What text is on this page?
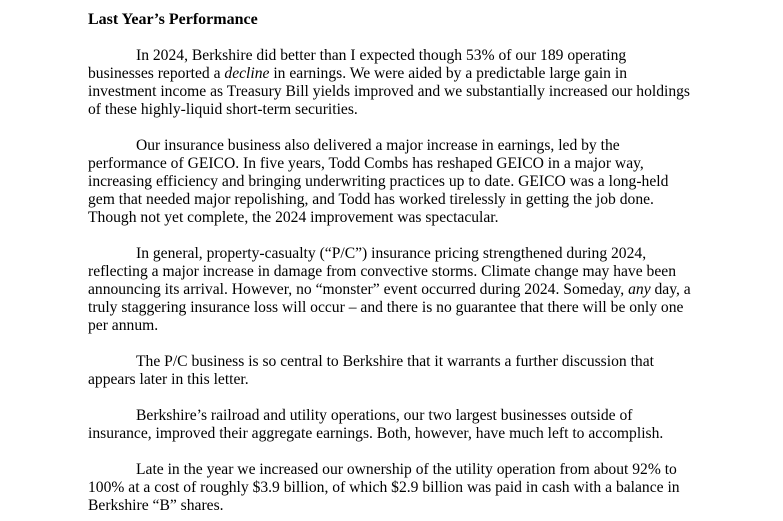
Last Year’s Performance

In 2024, Berkshire did better than I expected though 53% of our 189 operating
businesses reported a decline in earnings. We were aided by a predictable large gain in
investment income as Treasury Bill yields improved and we substantially increased our holdings
of these highly-liquid short-term securities.

Our insurance business also delivered a major increase in earnings, led by the
performance of GEICO. In five years, Todd Combs has reshaped GEICO in a major way,
increasing efficiency and bringing underwriting practices up to date. GEICO was a long-held
gem that needed major repolishing, and Todd has worked tirelessly in getting the job done.
Though not yet complete, the 2024 improvement was spectacular.

In general, property-casualty (“P/C”) insurance pricing strengthened during 2024,
reflecting a major increase in damage from convective storms. Climate change may have been
announcing its arrival. However, no “monster” event occurred during 2024. Someday, any day, a
truly staggering insurance loss will occur – and there is no guarantee that there will be only one
per annum.

The P/C business is so central to Berkshire that it warrants a further discussion that
appears later in this letter.

Berkshire’s railroad and utility operations, our two largest businesses outside of
insurance, improved their aggregate earnings. Both, however, have much left to accomplish.

Late in the year we increased our ownership of the utility operation from about 92% to
100% at a cost of roughly $3.9 billion, of which $2.9 billion was paid in cash with a balance in
Berkshire “B” shares.
